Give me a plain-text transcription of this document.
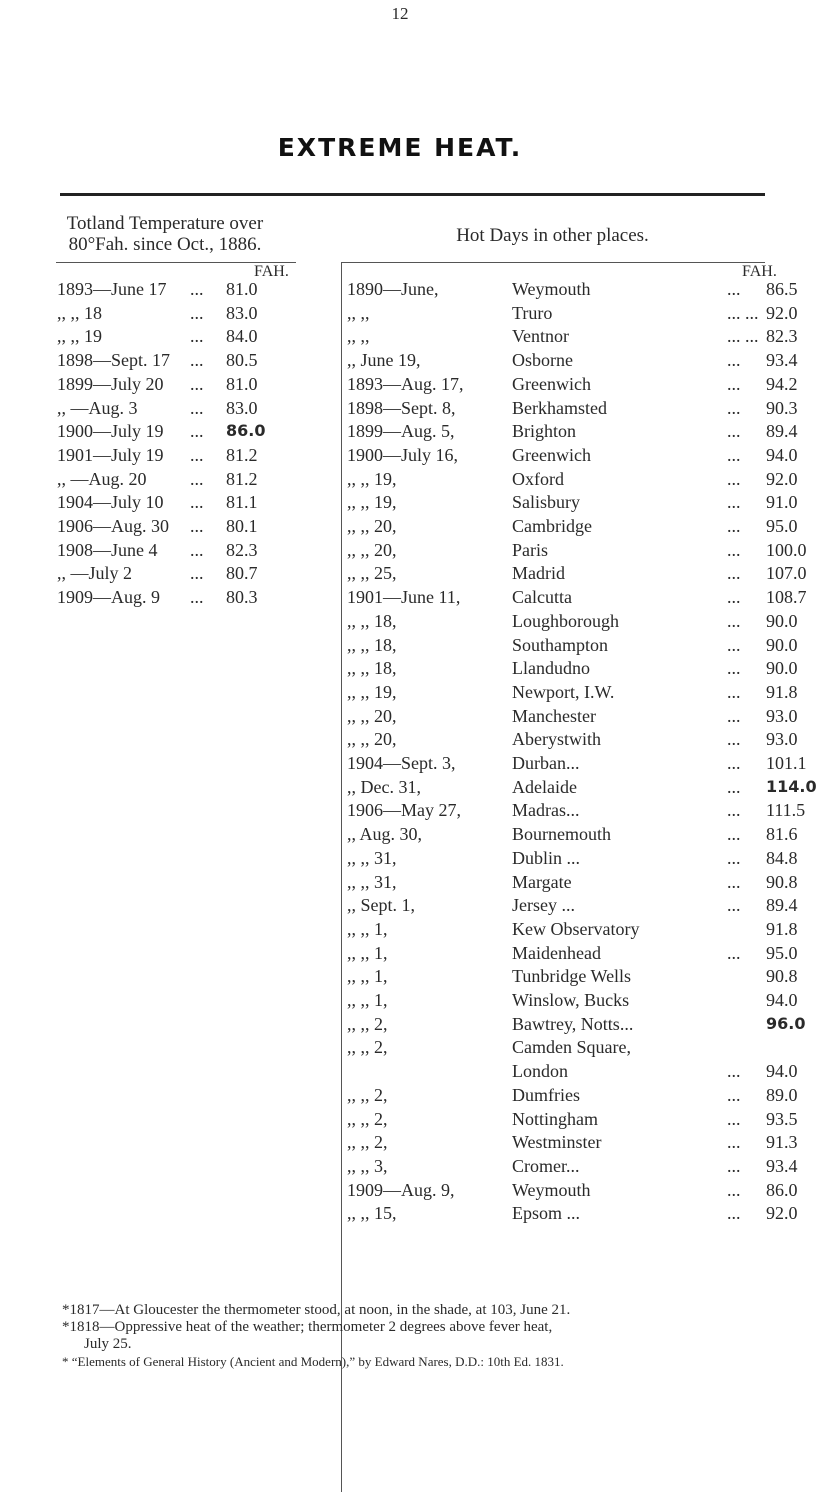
12
EXTREME HEAT.
Totland Temperature over
80°Fah. since Oct., 1886.	Hot Days in other places.
FAH.	FAH.
1893—June 17 ... 81.0
,, ,, 18	... 83.0
,, ,, 19	... 84.0
1898—Sept. 17 ... 80.5
1899—July 20 ... 81.0
,, —Aug. 3	... 83.0
1900—July 19 ... 86.0
1901—July 19 ... 81.2
,, —Aug. 20 ... 81.2
1904—July 10 ... 81.1
1906—Aug. 30 ... 80.1
1908—June 4 ... 82.3
,, —July 2	... 80.7
1909—Aug. 9 ... 80.3
1890—June,	Weymouth	... 86.5
,, ,,	Truro	... ... 92.0
,, ,,	Ventnor	... ... 82.3
,, June 19,	Osborne	... 93.4
1893—Aug. 17,	Greenwich	... 94.2
1898—Sept. 8,	Berkhamsted	... 90.3
1899—Aug. 5,	Brighton	... 89.4
1900—July 16,	Greenwich	... 94.0
,, ,, 19,	Oxford	... 92.0
,, ,, 19,	Salisbury	... 91.0
,, ,, 20,	Cambridge	... 95.0
,, ,, 20,	Paris	... 100.0
,, ,, 25,	Madrid	... 107.0
1901—June 11,	Calcutta	... 108.7
,, ,, 18,	Loughborough	... 90.0
,, ,, 18,	Southampton	... 90.0
,, ,, 18,	Llandudno	... 90.0
,, ,, 19,	Newport, I.W.	... 91.8
,, ,, 20,	Manchester	... 93.0
,, ,, 20,	Aberystwith	... 93.0
1904—Sept. 3,	Durban...	... 101.1
,, Dec. 31,	Adelaide	... 114.0
1906—May 27,	Madras...	... 111.5
,, Aug. 30,	Bournemouth	... 81.6
,, ,, 31,	Dublin ...	... 84.8
,, ,, 31,	Margate	... 90.8
,, Sept. 1,	Jersey ...	... 89.4
,, ,, 1,	Kew Observatory	91.8
,, ,, 1,	Maidenhead	... 95.0
,, ,, 1,	Tunbridge Wells	90.8
,, ,, 1,	Winslow, Bucks	94.0
,, ,, 2,	Bawtrey, Notts...	96.0
,, ,, 2,	Camden Square,
London	... 94.0
,, ,, 2,	Dumfries	... 89.0
,, ,, 2,	Nottingham	... 93.5
,, ,, 2,	Westminster	... 91.3
,, ,, 3,	Cromer...	... 93.4
1909—Aug. 9,	Weymouth	... 86.0
,, ,, 15,	Epsom ...	... 92.0
*1817—At Gloucester the thermometer stood, at noon, in the shade, at 103, June 21.
*1818—Oppressive heat of the weather; thermometer 2 degrees above fever heat,
July 25.
* “Elements of General History (Ancient and Modern),” by Edward Nares, D.D.: 10th Ed. 1831.
